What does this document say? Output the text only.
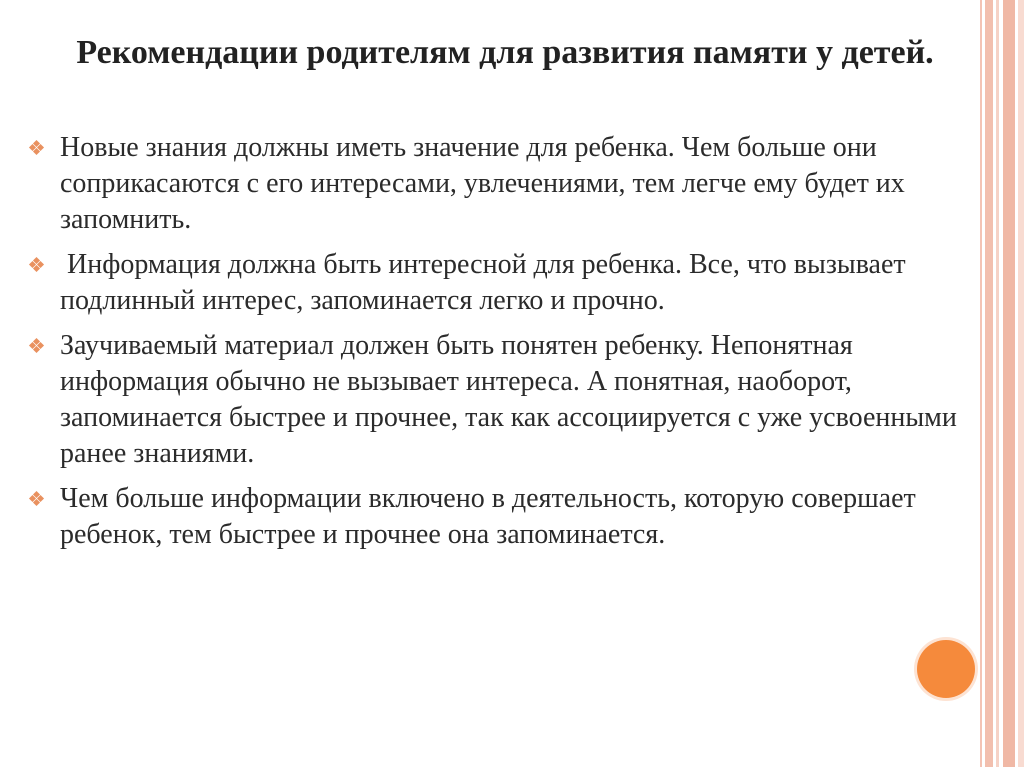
Рекомендации родителям для развития памяти у детей.
Новые знания должны иметь значение для ребенка. Чем больше они соприкасаются с его интересами, увлечениями, тем легче ему будет их запомнить.
Информация должна быть интересной для ребенка. Все, что вызывает подлинный интерес, запоминается легко и прочно.
Заучиваемый материал должен быть понятен ребенку. Непонятная информация обычно не вызывает интереса. А понятная, наоборот, запоминается быстрее и прочнее, так как ассоциируется с уже усвоенными ранее знаниями.
Чем больше информации включено в деятельность, которую совершает ребенок, тем быстрее и прочнее она запоминается.
